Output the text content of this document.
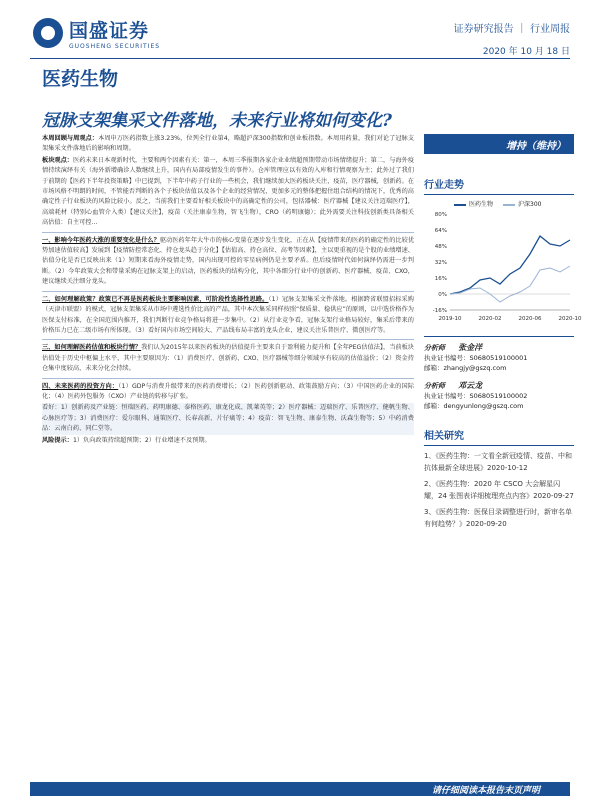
国盛证券
GUOSHENG SECURITIES
证券研究报告 ｜ 行业周报
2020 年 10 月 18 日
医药生物
冠脉支架集采文件落地，未来行业将如何变化?

本周回顾与周观点：本周申万医药指数上涨3.23%，位列全行业第4，略超沪深300指数和创业板指数。本周用药量，我们对论了冠脉支架集采文件落地后的影响和周期。

板块观点：医药未来日本观新时代，主要和两个因素有关：第一，本周三季报期各家企业业绩超预期带动市场情绪提升；第二，与海外疫情持续演绎有关（海外新增确诊人数继续上升，国内有局部疫情发生的事件）。仓库管理应以有效的入库和行情观察为主；此外过了我们于前期的【医药下半年投资策略】中已提到，下半年中药子行业的一些机会，我们继续加大医药板块关注，疫苗，医疗器械，创新药。在市场风格不明朗的时间，不管能否判断的各个子板块估值以及各个企业的经营情况，更加多元的整体把握住组合结构的情况下，优秀的高确定性子行业板块的风险比较小。反之，当前我们主要看好相关板块中的高确定性的公司，包括器械：医疗器械【建议关注迈瑞医疗】，高端耗材（特别心血管介入类）【建议关注】，疫苗（关注康泰生物，智飞生物），CRO（药明康德）；此外需要关注科技创新类具备相关高估值：自主可控...

一、影响今年医药大涨的重要变化是什么？驱动医药年年大牛市的核心变量在逐步发生变化，正在从【疫情带来的医药的确定性的比较优势加速估值较高】发展到【疫情防控常态化、持仓龙头趋于分化】【估值高、持仓高位、高考等因素】，主以更重视的是个股的业绩增速、估值分化是否已反映出来（1）短期来看海外疫情走势，国内出现可控的零星病例仍是主要矛盾。但后疫情时代如何演绎仍需进一步判断。（2）今年政策大会和带量采购在冠脉支架上的启动，医药板块的结构分化，其中各细分行业中的创新药、医疗器械、疫苗、CXO，建议继续关注细分龙头。

二、如何理解政策？政策已不再是医药板块主要影响因素，可阶段性选择性思路。（1）冠脉支架集采文件落地。根据跨省联盟招标采购（天津市联盟）的模式，冠脉支架集采从市场中遴选性价比高的产品，其中本次集采同样按照“保质量、稳供应”的原则，以中选价格作为医保支付标准，在全国范围内推开，我们判断行业竞争格局将进一步集中。（2）从行业竞争看，冠脉支架行业格局较好，集采后带来的价格压力已在二级市场有所体现。（3）看好国内市场空间较大、产品线布局丰富的龙头企业，建议关注乐普医疗、微创医疗等。

三、如何理解医药估值和板块行情？我们认为2015年以来医药板块的估值提升主要来自于盈利能力提升和【全年PEG估值法】，当前板块估值处于历史中枢偏上水平，其中主要原因为：（1）消费医疗、创新药、CXO、医疗器械等细分领域享有较高的估值溢价；（2）资金持仓集中度较高，未来分化会持续。

四、未来医药的投资方向：（1）GDP与消费升级带来的医药消费增长；（2）医药创新驱动、政策鼓励方向；（3）中国医药企业的国际化；（4）医药外包服务（CXO）产业链的转移与扩张。

看好：1）创新药及产业链：恒瑞医药、药明康德、泰格医药、康龙化成、凯莱英等；2）医疗器械：迈瑞医疗、乐普医疗、健帆生物、心脉医疗等；3）消费医疗：爱尔眼科、通策医疗、长春高新、片仔癀等；4）疫苗：智飞生物、康泰生物、沃森生物等；5）中药消费品：云南白药、同仁堂等。

风险提示：1）负向政策持续超预期；2）行业增速不及预期。

增持（维持）
行业走势
医药生物	沪深300
80%
64%
48%
32%
16%
0%
-16%
2019-10	2020-02	2020-06	2020-10
分析师 张金洋
执业证书编号：S0680519100001
邮箱：zhangjy@gszq.com
分析师 邓云龙
执业证书编号：S0680519100002
邮箱：dengyunlong@gszq.com
相关研究
1、《医药生物：一文看全新冠疫情、疫苗、中和抗体最新全球进展》2020-10-12
2、《医药生物：2020 年 CSCO 大会解星闪耀，24 张图表详细梳理亮点内容》2020-09-27
3、《医药生物：医保目录调整进行时，新审名单有何趋势？》2020-09-20
请仔细阅读本报告末页声明
